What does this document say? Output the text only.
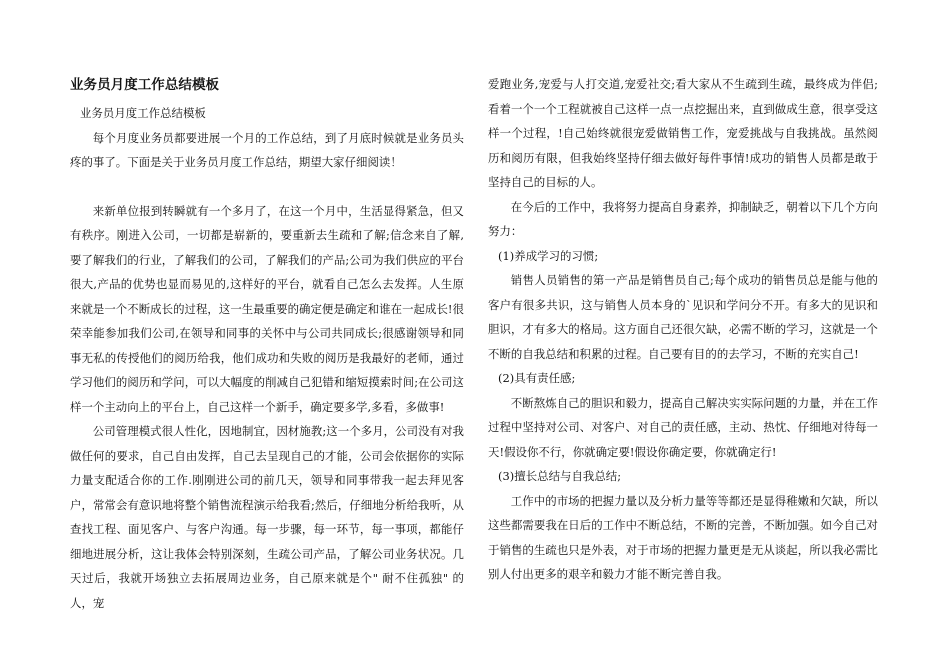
业务员月度工作总结模板
业务员月度工作总结模板

每个月度业务员都要进展一个月的工作总结，到了月底时候就是业务员头疼的事了。下面是关于业务员月度工作总结，期望大家仔细阅读！

来新单位报到转瞬就有一个多月了，在这一个月中，生活显得紧急，但又有秩序。刚进入公司，一切都是崭新的，要重新去生疏和了解;信念来自了解,要了解我们的行业，了解我们的公司，了解我们的产品;公司为我们供应的平台很大,产品的优势也显而易见的,这样好的平台，就看自己怎么去发挥。人生原来就是一个不断成长的过程，这一生最重要的确定便是确定和谁在一起成长!很荣幸能参加我们公司,在领导和同事的关怀中与公司共同成长;很感谢领导和同事无私的传授他们的阅历给我，他们成功和失败的阅历是我最好的老师，通过学习他们的阅历和学问，可以大幅度的削减自己犯错和缩短摸索时间;在公司这样一个主动向上的平台上，自己这样一个新手，确定要多学,多看，多做事!

公司管理模式很人性化，因地制宜，因材施教;这一个多月，公司没有对我做任何的要求，自己自由发挥，自己去呈现自己的才能，公司会依据你的实际力量支配适合你的工作.刚刚进公司的前几天，领导和同事带我一起去拜见客户，常常会有意识地将整个销售流程演示给我看;然后，仔细地分析给我听，从查找工程、面见客户、与客户沟通。每一步骤，每一环节，每一事项，都能仔细地进展分析，这让我体会特别深刻，生疏公司产品，了解公司业务状况。几天过后，我就开场独立去拓展周边业务，自己原来就是个" 耐不住孤独" 的人，宠

爱跑业务,宠爱与人打交道,宠爱社交;看大家从不生疏到生疏，最终成为伴侣;看着一个一个工程就被自己这样一点一点挖掘出来，直到做成生意，很享受这样一个过程，!自己始终就很宠爱做销售工作，宠爱挑战与自我挑战。虽然阅历和阅历有限，但我始终坚持仔细去做好每件事情!成功的销售人员都是敢于坚持自己的目标的人。

在今后的工作中，我将努力提高自身素养，抑制缺乏，朝着以下几个方向努力：

(1)养成学习的习惯;

销售人员销售的第一产品是销售员自己;每个成功的销售员总是能与他的客户有很多共识，这与销售人员本身的`见识和学问分不开。有多大的见识和胆识，才有多大的格局。这方面自己还很欠缺，必需不断的学习，这就是一个不断的自我总结和积累的过程。自己要有目的的去学习，不断的充实自己!

(2)具有责任感;

不断熬炼自己的胆识和毅力，提高自己解决实实际问题的力量，并在工作过程中坚持对公司、对客户、对自己的责任感，主动、热忱、仔细地对待每一天!假设你不行，你就确定要!假设你确定要，你就确定行!

(3)擅长总结与自我总结;

工作中的市场的把握力量以及分析力量等等都还是显得稚嫩和欠缺，所以这些都需要我在日后的工作中不断总结，不断的完善，不断加强。如今自己对于销售的生疏也只是外表，对于市场的把握力量更是无从谈起，所以我必需比别人付出更多的艰辛和毅力才能不断完善自我。
